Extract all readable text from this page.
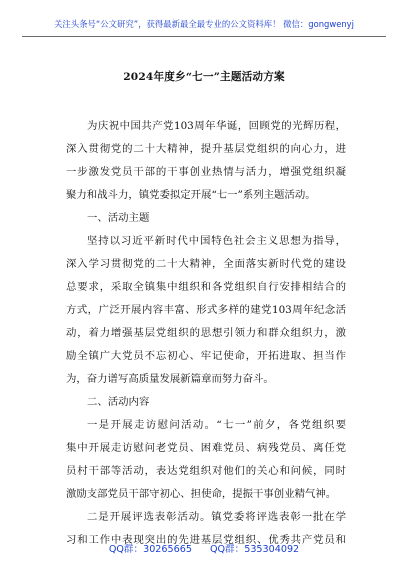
关注头条号“公文研究”，获得最新最全最专业的公文资料库！ 微信：gongwenyj
2024年度乡“七一”主题活动方案
为庆祝中国共产党103周年华诞，回顾党的光辉历程，
深入贯彻党的二十大精神，提升基层党组织的向心力，进
一步激发党员干部的干事创业热情与活力，增强党组织凝
聚力和战斗力，镇党委拟定开展“七一”系列主题活动。
一、活动主题
坚持以习近平新时代中国特色社会主义思想为指导，
深入学习贯彻党的二十大精神，全面落实新时代党的建设
总要求，采取全镇集中组织和各党组织自行安排相结合的
方式，广泛开展内容丰富、形式多样的建党103周年纪念活
动，着力增强基层党组织的思想引领力和群众组织力，激
励全镇广大党员不忘初心、牢记使命，开拓进取、担当作
为，奋力谱写高质量发展新篇章而努力奋斗。
二、活动内容
一是开展走访慰问活动。“七一”前夕，各党组织要
集中开展走访慰问老党员、困难党员、病残党员、离任党
员村干部等活动，表达党组织对他们的关心和问候，同时
激励支部党员干部守初心、担使命，提振干事创业精气神。
二是开展评选表彰活动。镇党委将评选表彰一批在学
习和工作中表现突出的先进基层党组织、优秀共产党员和
QQ群：30265665 QQ群：535304092
